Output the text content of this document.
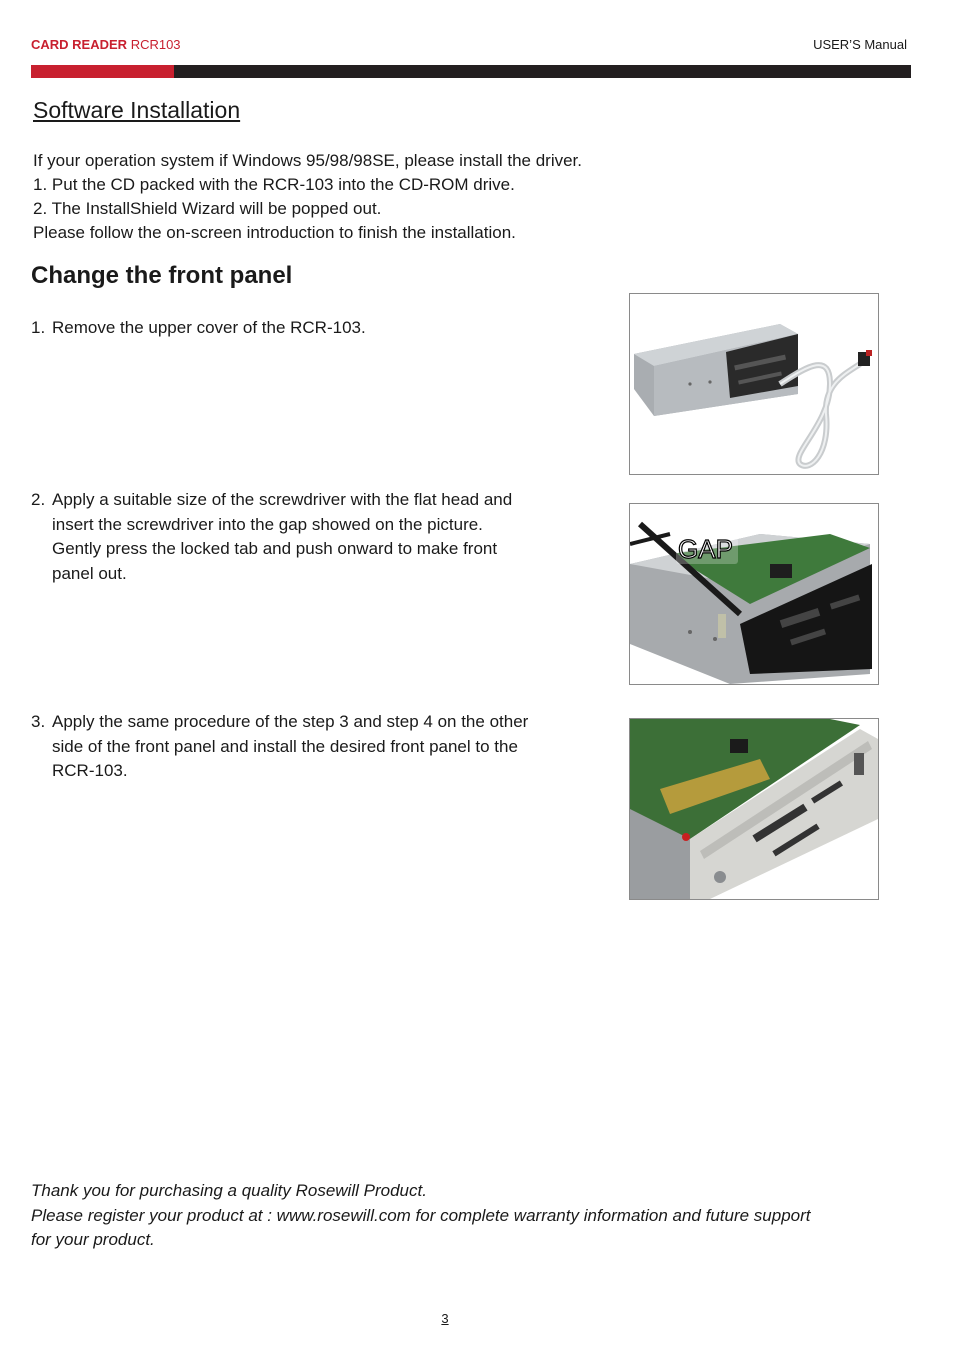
CARD READER RCR103	USER’S Manual
Software Installation
If your operation system if Windows 95/98/98SE, please install the driver.
1. Put the CD packed with the RCR-103 into the CD-ROM drive.
2. The InstallShield Wizard will be popped out.
Please follow the on-screen introduction to finish the installation.
Change the front panel
1. Remove the upper cover of the RCR-103.
2. Apply a suitable size of the screwdriver with the flat head and
insert the screwdriver into the gap showed on the picture.
Gently press the locked tab and push onward to make front
panel out.
3. Apply the same procedure of the step 3 and step 4 on the other
side of the front panel and install the desired front panel to the
RCR-103.
GAP
Thank you for purchasing a quality Rosewill Product.
Please register your product at : www.rosewill.com for complete warranty information and future support
for your product.
3
